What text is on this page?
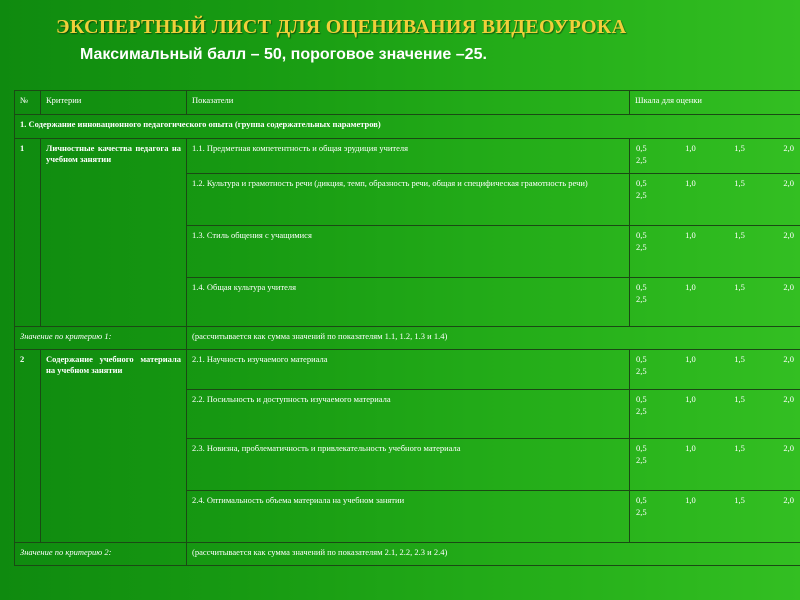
ЭКСПЕРТНЫЙ ЛИСТ ДЛЯ ОЦЕНИВАНИЯ ВИДЕОУРОКА
Максимальный балл – 50, пороговое значение –25.
№	Критерии	Показатели	Шкала для оценки
1. Содержание инновационного педагогического опыта (группа содержательных параметров)			
1	Личностные качества педагога на учебном занятии	1.1. Предметная компетентность и общая эрудиция учителя	0,5 1,0 1,5 2,0
2,5

		1.2. Культура и грамотность речи (дикция, темп, образность речи, общая и специфическая грамотность речи)	0,5 1,0 1,5 2,0
2,5

		1.3. Стиль общения с учащимися	0,5 1,0 1,5 2,0
2,5

		1.4. Общая культура учителя	0,5 1,0 1,5 2,0
2,5

Значение по критерию 1:		(рассчитывается как сумма значений по показателям 1.1, 1.2, 1.3 и 1.4)	
2	Содержание учебного материала на учебном занятии	2.1. Научность изучаемого материала	0,5 1,0 1,5 2,0
2,5

		2.2. Посильность и доступность изучаемого материала	0,5 1,0 1,5 2,0
2,5

		2.3. Новизна, проблематичность и привлекательность учебного материала	0,5 1,0 1,5 2,0
2,5

		2.4. Оптимальность объема материала на учебном занятии	0,5 1,0 1,5 2,0
2,5

Значение по критерию 2:		(рассчитывается как сумма значений по показателям 2.1, 2.2, 2.3 и 2.4)	
